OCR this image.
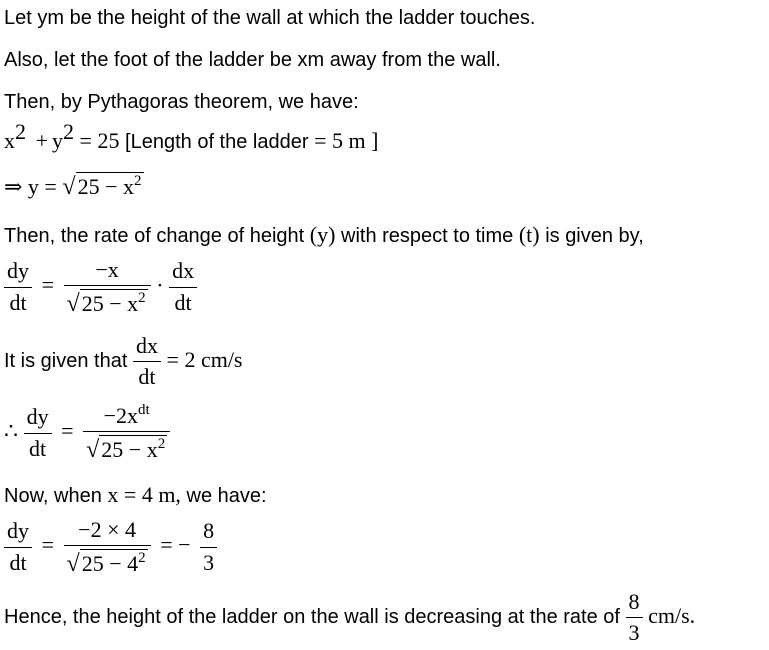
Let ym be the height of the wall at which the ladder touches.
Also, let the foot of the ladder be xm away from the wall.
Then, by Pythagoras theorem, we have:
$x^2 + y^2 = 25$ [Length of the ladder = 5 m ]
⇒ y = √ $25 - x^2$
Then, the rate of change of height (y) with respect to time (t) is given by,
$\frac{dy}{dt} = \frac{-x}{√ 25 - x^2} \cdot \frac{dx}{dt}$
It is given that $\frac{dx}{dt} = 2$ cm/s
∴ $\frac{dy}{dt} = \frac{-2x^{dt}}{√ 25 - x^2}$
Now, when x = 4 m, we have:
$\frac{dy}{dt} = \frac{-2 \times 4}{√ 25 - 4^2}$ = − $\frac{8}{3}$
Hence, the height of the ladder on the wall is decreasing at the rate of $\frac{8}{3} cm/s$.
